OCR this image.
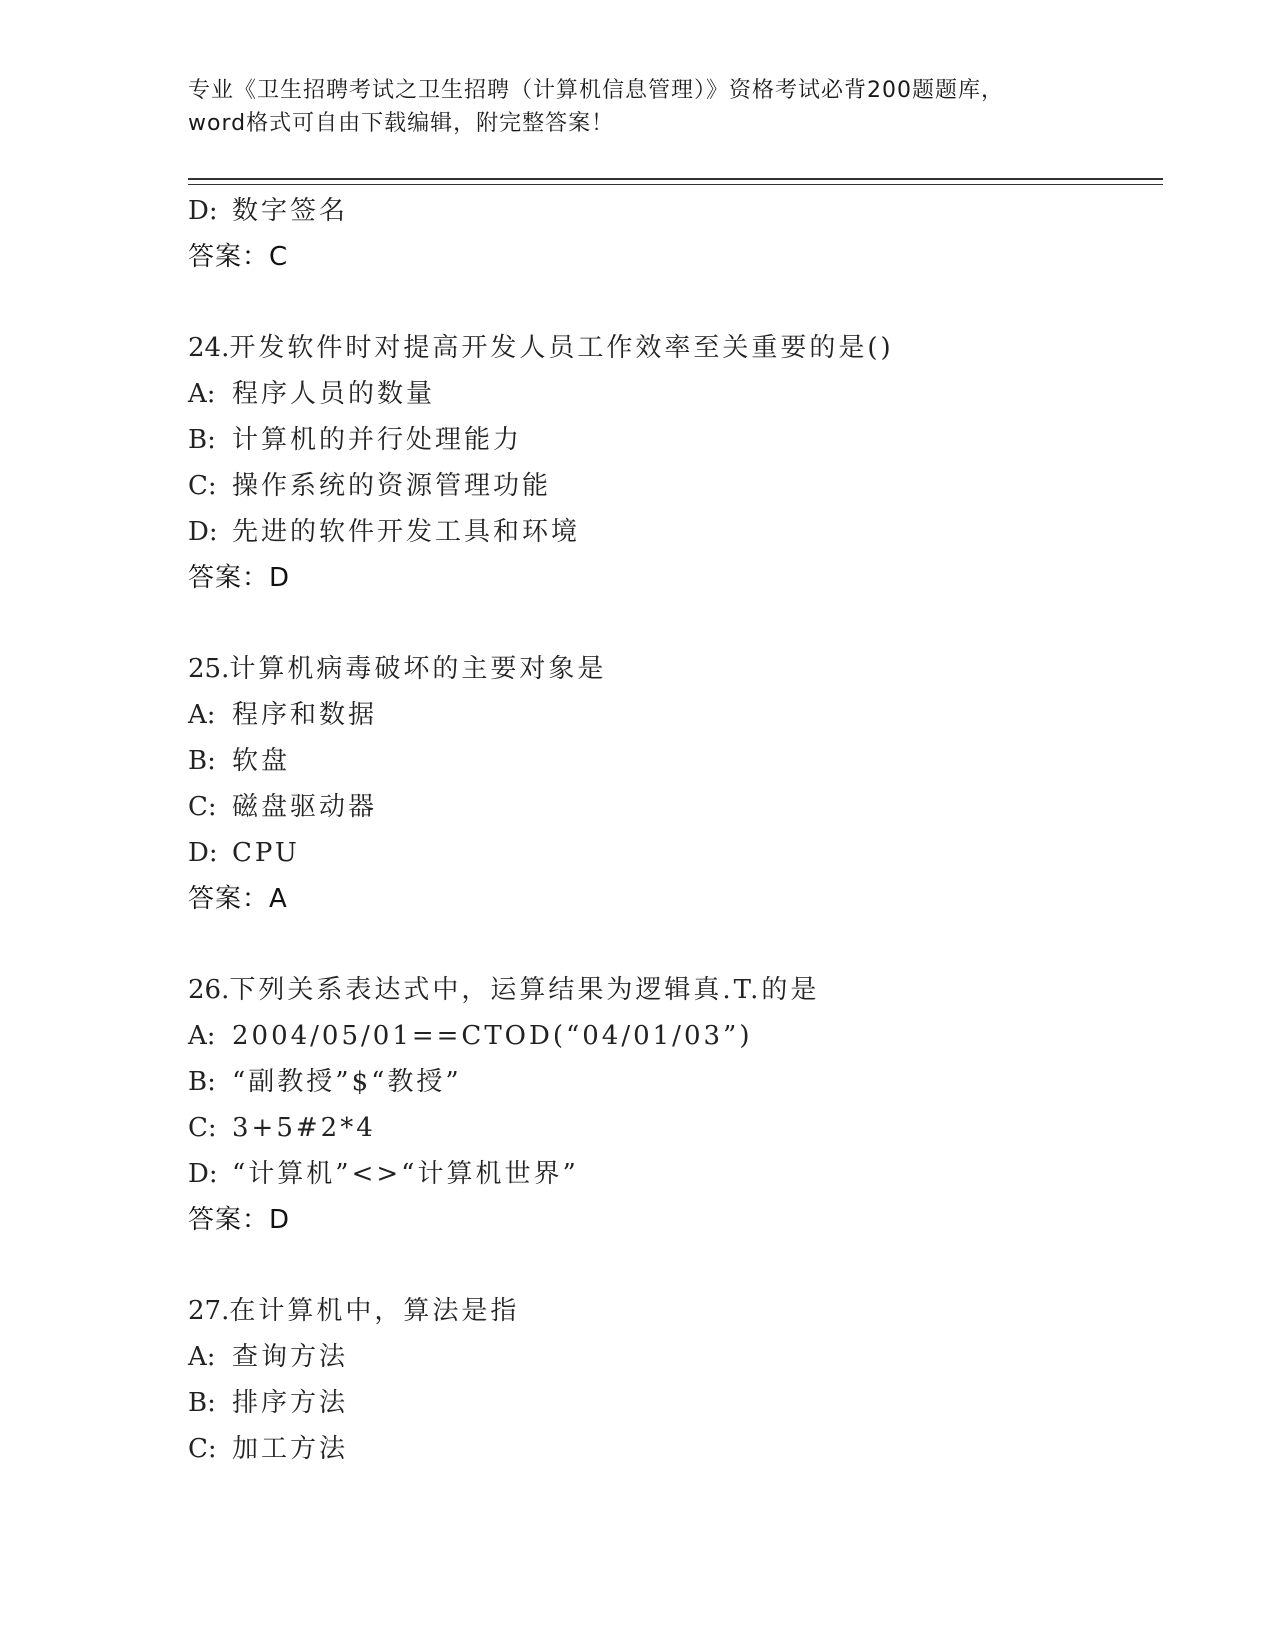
专业《卫生招聘考试之卫生招聘（计算机信息管理）》资格考试必背200题题库，
word格式可自由下载编辑，附完整答案！
D: 数字签名
答案：C
24.开发软件时对提高开发人员工作效率至关重要的是()
A: 程序人员的数量
B: 计算机的并行处理能力
C: 操作系统的资源管理功能
D: 先进的软件开发工具和环境
答案：D
25.计算机病毒破坏的主要对象是
A: 程序和数据
B: 软盘
C: 磁盘驱动器
D: CPU
答案：A
26.下列关系表达式中，运算结果为逻辑真.T.的是
A: 2004/05/01==CTOD(“04/01/03”)
B: “副教授”$“教授”
C: 3+5#2*4
D: “计算机”<>“计算机世界”
答案：D
27.在计算机中，算法是指
A: 查询方法
B: 排序方法
C: 加工方法
